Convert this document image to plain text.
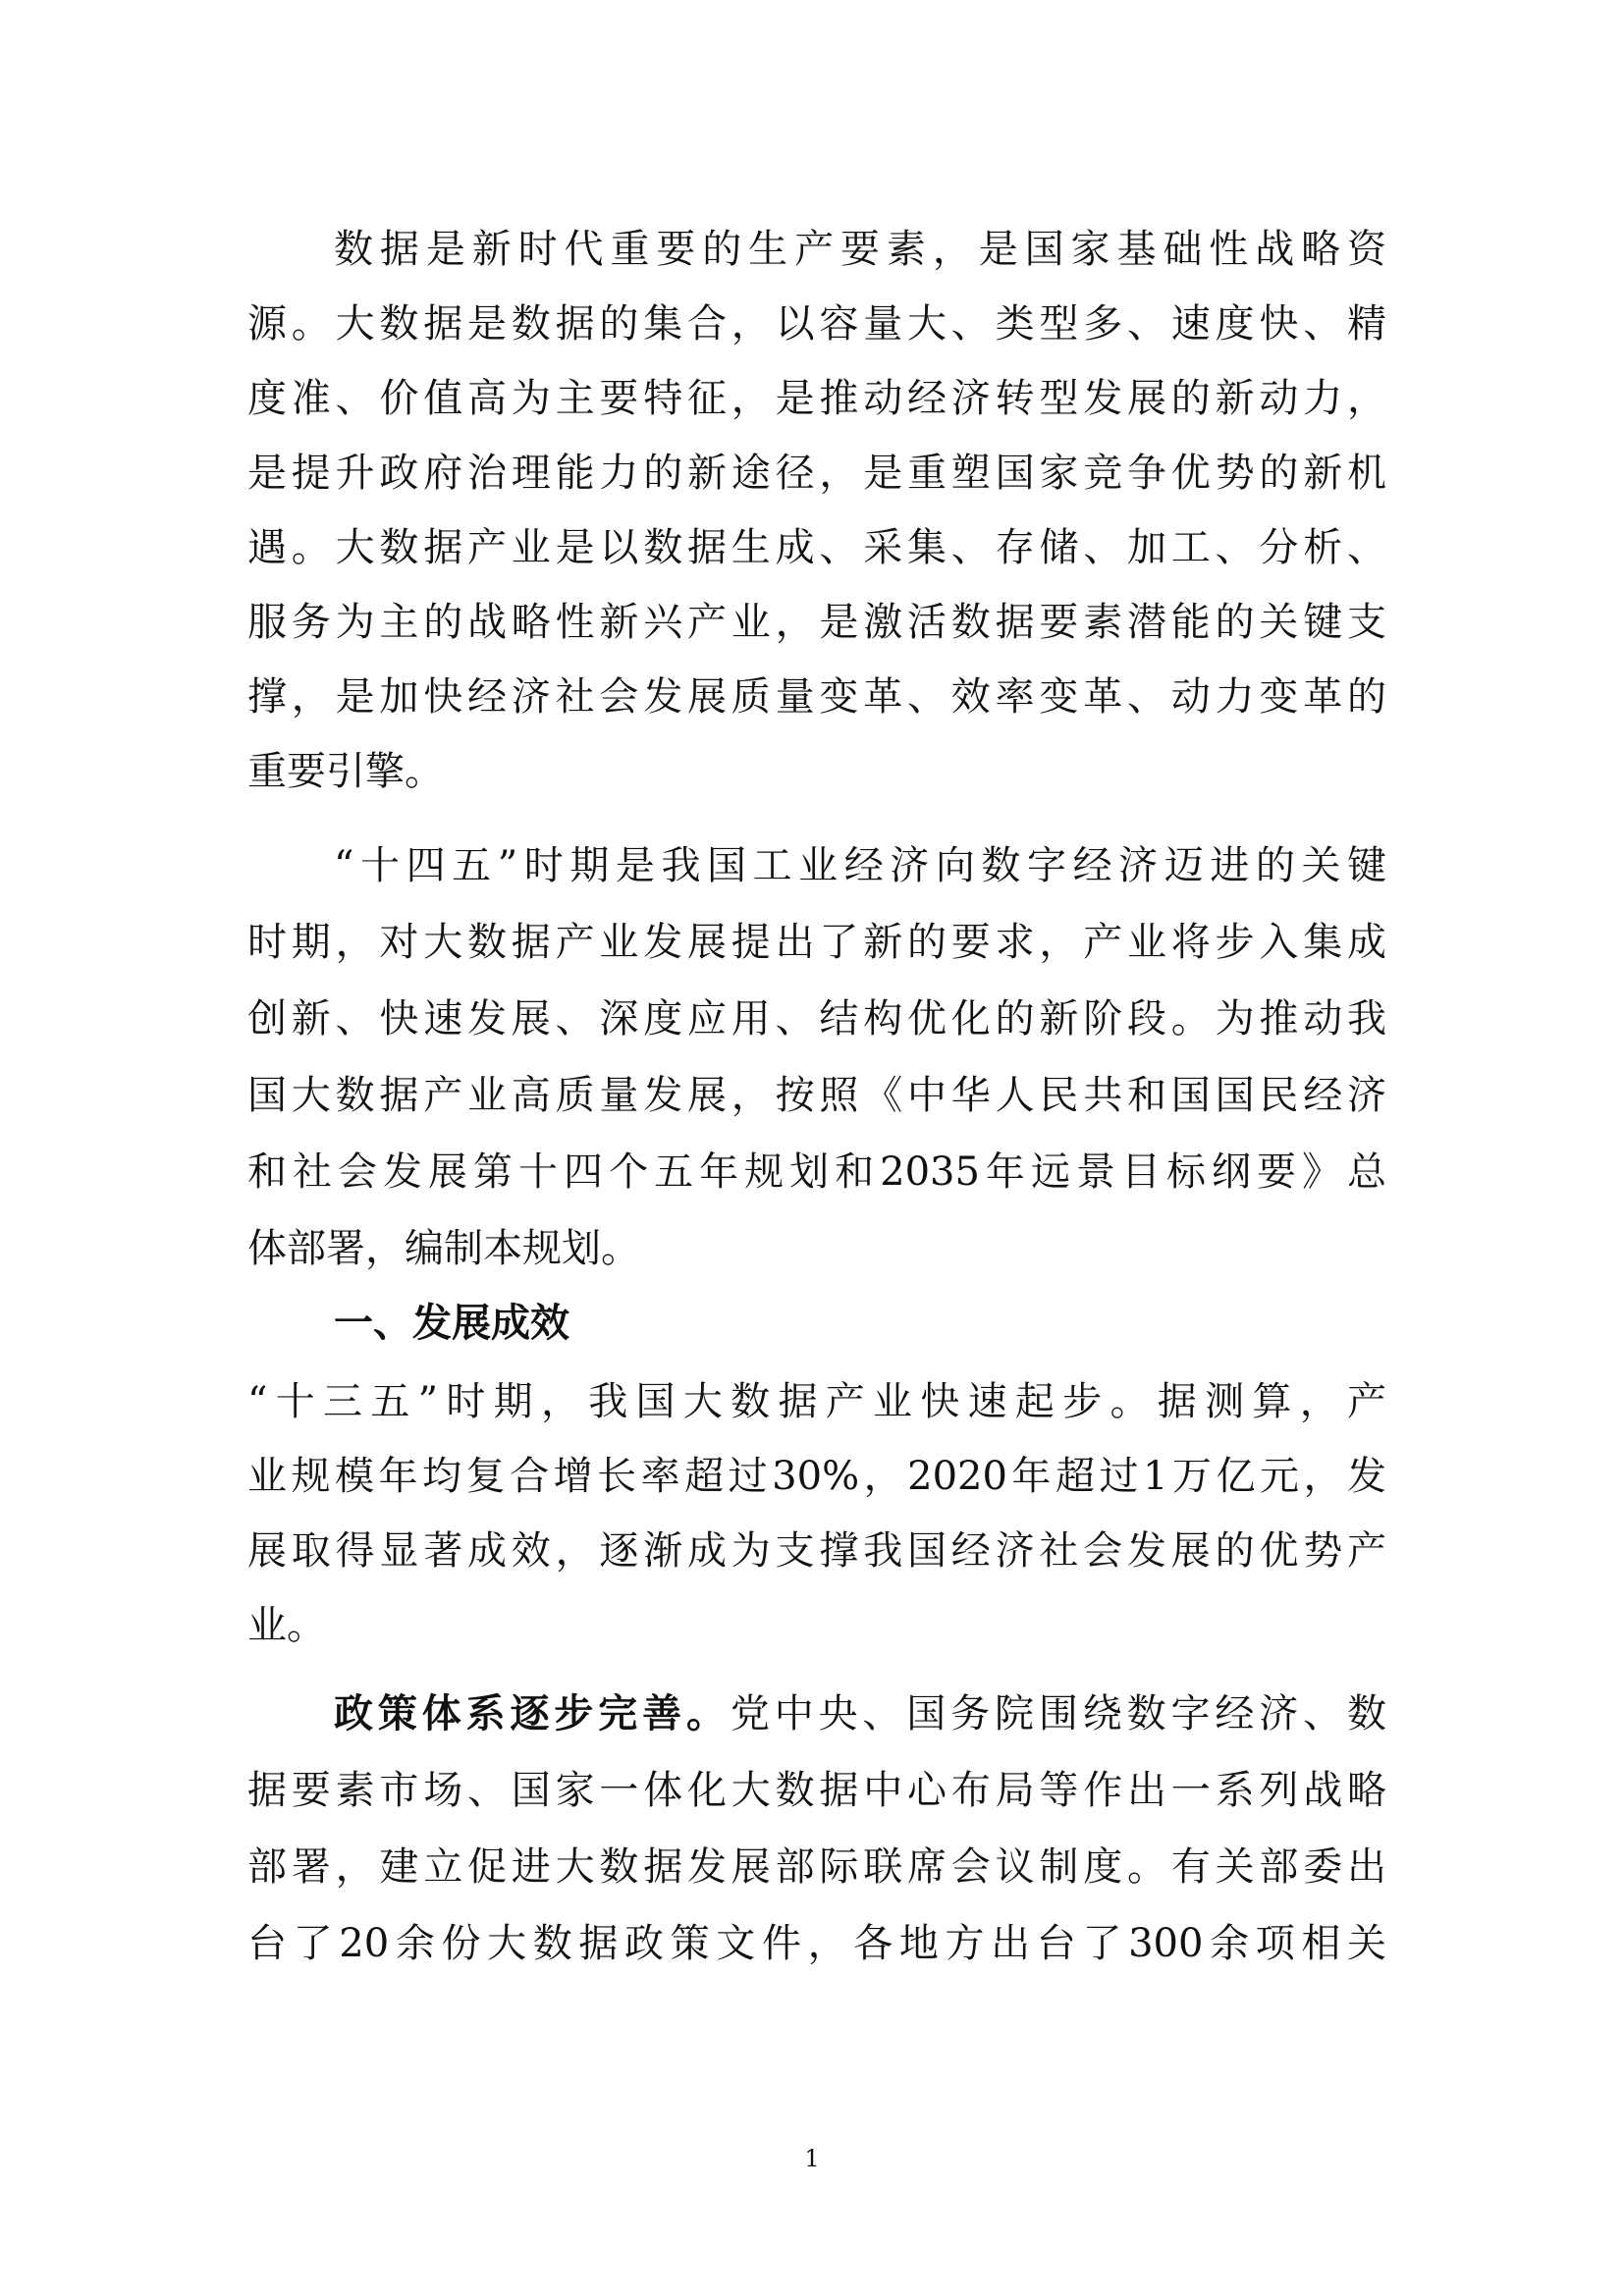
数据是新时代重要的生产要素，是国家基础性战略资
源。大数据是数据的集合，以容量大、类型多、速度快、精
度准、价值高为主要特征，是推动经济转型发展的新动力，
是提升政府治理能力的新途径，是重塑国家竞争优势的新机
遇。大数据产业是以数据生成、采集、存储、加工、分析、
服务为主的战略性新兴产业，是激活数据要素潜能的关键支
撑，是加快经济社会发展质量变革、效率变革、动力变革的
重要引擎。
“十四五”时期是我国工业经济向数字经济迈进的关键
时期，对大数据产业发展提出了新的要求，产业将步入集成
创新、快速发展、深度应用、结构优化的新阶段。为推动我
国大数据产业高质量发展，按照《中华人民共和国国民经济
和社会发展第十四个五年规划和2035年远景目标纲要》总
体部署，编制本规划。
一、发展成效
“十三五”时期，我国大数据产业快速起步。据测算，产
业规模年均复合增长率超过30%，2020年超过1万亿元，发
展取得显著成效，逐渐成为支撑我国经济社会发展的优势产
业。
政策体系逐步完善。党中央、国务院围绕数字经济、数
据要素市场、国家一体化大数据中心布局等作出一系列战略
部署，建立促进大数据发展部际联席会议制度。有关部委出
台了20余份大数据政策文件，各地方出台了300余项相关
1
